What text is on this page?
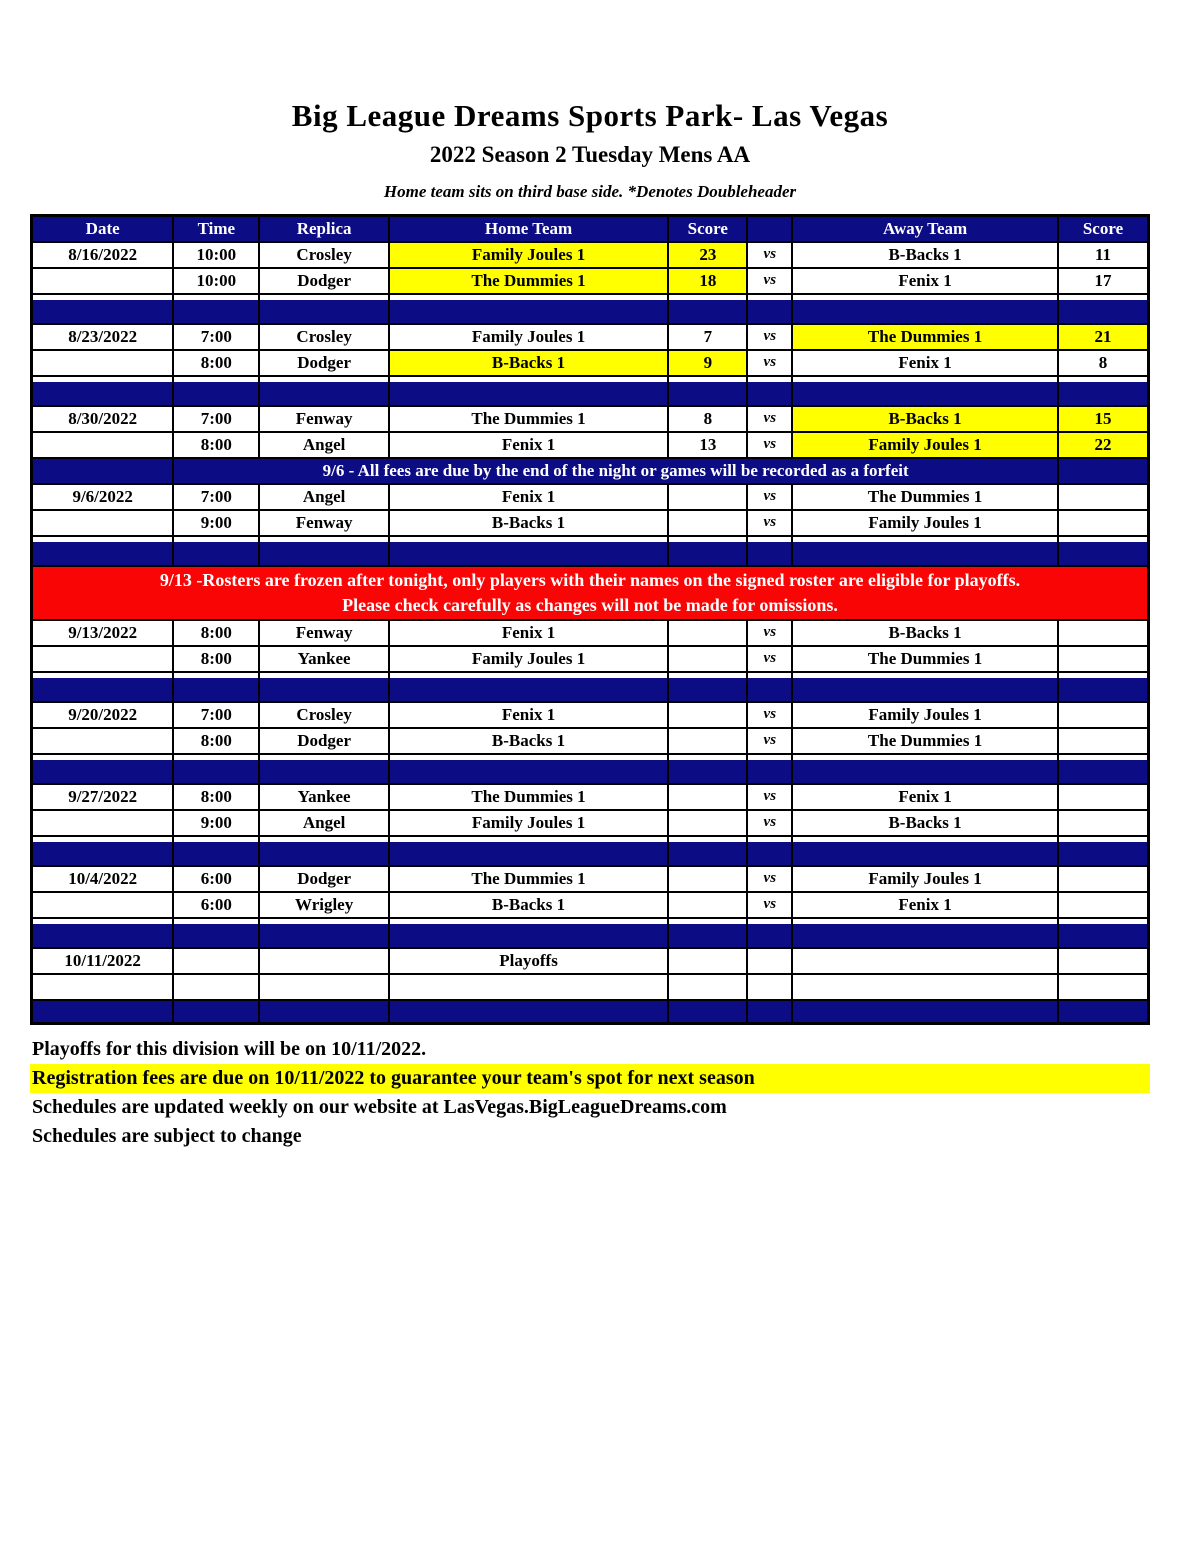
Big League Dreams Sports Park- Las Vegas
2022 Season 2 Tuesday Mens AA
Home team sits on third base side. *Denotes Doubleheader
Date	Time	Replica	Home Team	Score		Away Team	Score
8/16/2022	10:00	Crosley	Family Joules 1	23	vs	B-Backs 1	11
	10:00	Dodger	The Dummies 1	18	vs	Fenix 1	17

8/23/2022	7:00	Crosley	Family Joules 1	7	vs	The Dummies 1	21
	8:00	Dodger	B-Backs 1	9	vs	Fenix 1	8

8/30/2022	7:00	Fenway	The Dummies 1	8	vs	B-Backs 1	15
	8:00	Angel	Fenix 1	13	vs	Family Joules 1	22
	9/6 - All fees are due by the end of the night or games will be recorded as a forfeit						
9/6/2022	7:00	Angel	Fenix 1		vs	The Dummies 1	
	9:00	Fenway	B-Backs 1		vs	Family Joules 1	

9/13 -Rosters are frozen after tonight, only players with their names on the signed roster are eligible for playoffs.
Please check carefully as changes will not be made for omissions.							

9/13/2022	8:00	Fenway	Fenix 1		vs	B-Backs 1	
	8:00	Yankee	Family Joules 1		vs	The Dummies 1	

9/20/2022	7:00	Crosley	Fenix 1		vs	Family Joules 1	
	8:00	Dodger	B-Backs 1		vs	The Dummies 1	

9/27/2022	8:00	Yankee	The Dummies 1		vs	Fenix 1	
	9:00	Angel	Family Joules 1		vs	B-Backs 1	

10/4/2022	6:00	Dodger	The Dummies 1		vs	Family Joules 1	
	6:00	Wrigley	B-Backs 1		vs	Fenix 1	

10/11/2022			Playoffs				

Playoffs for this division will be on 10/11/2022.
Registration fees are due on 10/11/2022 to guarantee your team's spot for next season
Schedules are updated weekly on our website at LasVegas.BigLeagueDreams.com
Schedules are subject to change
